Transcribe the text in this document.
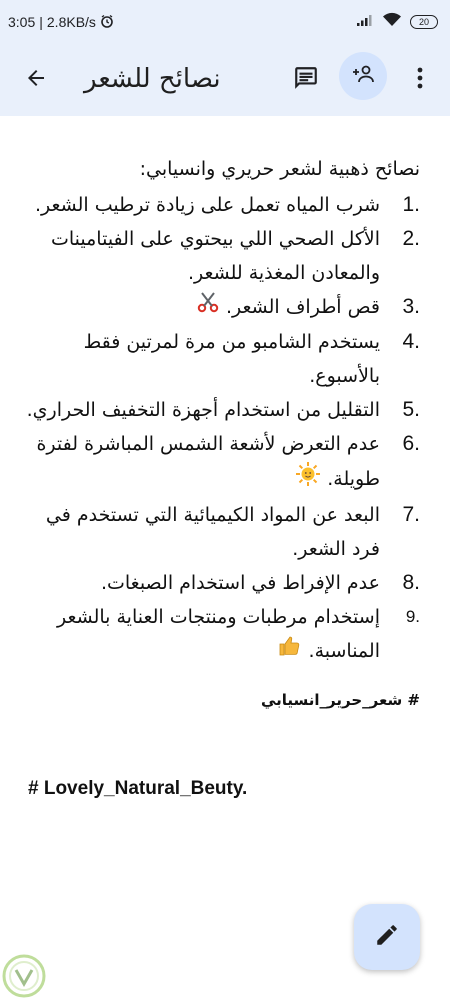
3:05 | 2.8KB/s	20
نصائح للشعر
نصائح ذهبية لشعر حريري وانسيابي:
1.
شرب المياه تعمل على زيادة ترطيب الشعر.
2.
الأكل الصحي اللي بيحتوي على الفيتامينات والمعادن المغذية للشعر.
3.
قص أطراف الشعر.
4.
يستخدم الشامبو من مرة لمرتين فقط بالأسبوع.
5.
التقليل من استخدام أجهزة التخفيف الحراري.
6.
عدم التعرض لأشعة الشمس المباشرة لفترة طويلة.
7.
البعد عن المواد الكيميائية التي تستخدم في فرد الشعر.
8.
عدم الإفراط في استخدام الصبغات.
9.
إستخدام مرطبات ومنتجات العناية بالشعر المناسبة.
# شعر_حرير_انسيابي
# Lovely_Natural_Beuty.
